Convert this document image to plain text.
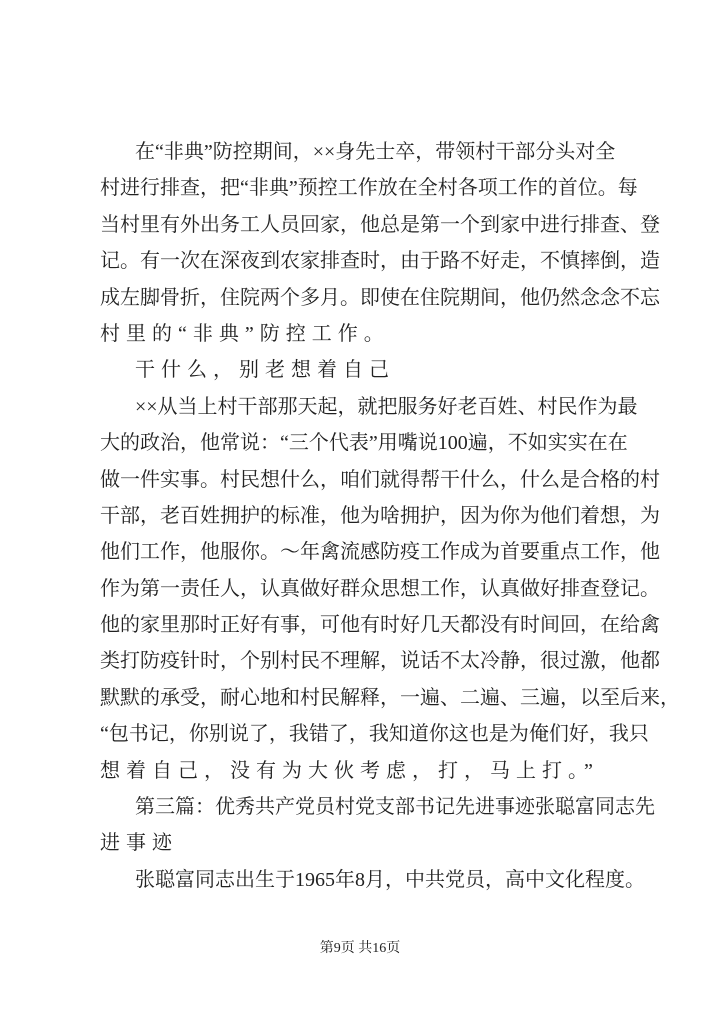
在“非典”防控期间，××身先士卒，带领村干部分头对全
村进行排查，把“非典”预控工作放在全村各项工作的首位。每
当村里有外出务工人员回家，他总是第一个到家中进行排查、登
记。有一次在深夜到农家排查时，由于路不好走，不慎摔倒，造
成左脚骨折，住院两个多月。即使在住院期间，他仍然念念不忘
村里的“非典”防控工作。
干什么，别老想着自己
××从当上村干部那天起，就把服务好老百姓、村民作为最
大的政治，他常说：“三个代表”用嘴说100遍，不如实实在在
做一件实事。村民想什么，咱们就得帮干什么，什么是合格的村
干部，老百姓拥护的标准，他为啥拥护，因为你为他们着想，为
他们工作，他服你。～年禽流感防疫工作成为首要重点工作，他
作为第一责任人，认真做好群众思想工作，认真做好排查登记。
他的家里那时正好有事，可他有时好几天都没有时间回，在给禽
类打防疫针时，个别村民不理解，说话不太冷静，很过激，他都
默默的承受，耐心地和村民解释，一遍、二遍、三遍，以至后来，
“包书记，你别说了，我错了，我知道你这也是为俺们好，我只
想着自己，没有为大伙考虑，打，马上打。”
第三篇：优秀共产党员村党支部书记先进事迹张聪富同志先
进事迹
张聪富同志出生于1965年8月，中共党员，高中文化程度。
第9页 共16页
